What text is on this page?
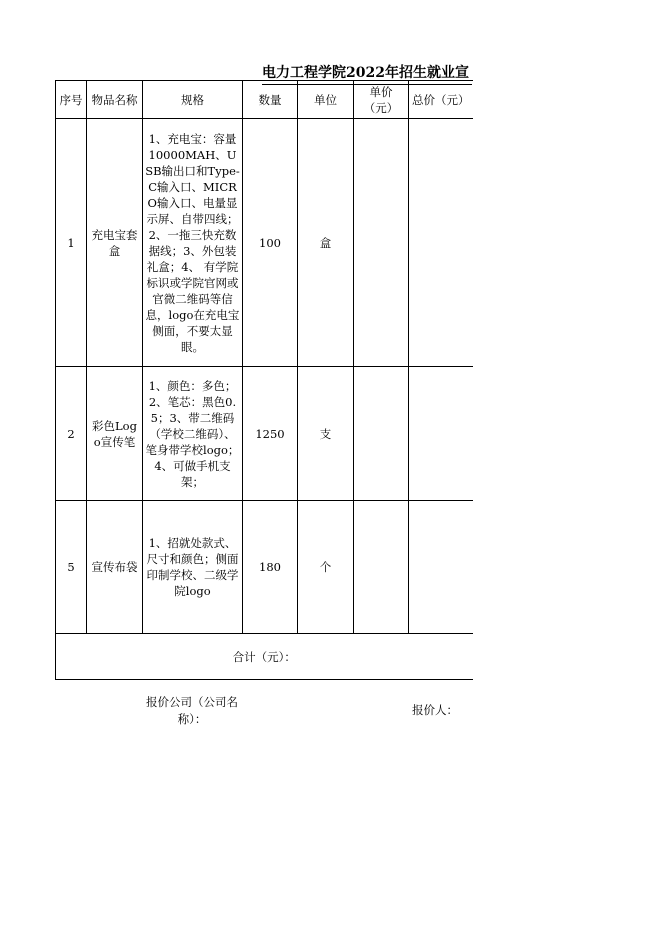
电力工程学院2022年招生就业宣
序号	物品名称	规格	数量	单位	单价（元）	总价（元）
1	充电宝套盒	1、充电宝：容量10000MAH、USB输出口和Type-C输入口、MICRO输入口、电量显示屏、自带四线；2、一拖三快充数据线；3、外包装礼盒；4、 有学院标识或学院官网或官微二维码等信息，logo在充电宝侧面，不要太显眼。	100	盒		
2	彩色Logo宣传笔	1、颜色：多色；2、笔芯：黑色0.5；3、带二维码（学校二维码）、笔身带学校logo；4、可做手机支架；	1250	支		
5	宣传布袋	1、招就处款式、尺寸和颜色；侧面印制学校、二级学院logo	180	个		
合计（元）：						
报价公司（公司名称）：
报价人：
